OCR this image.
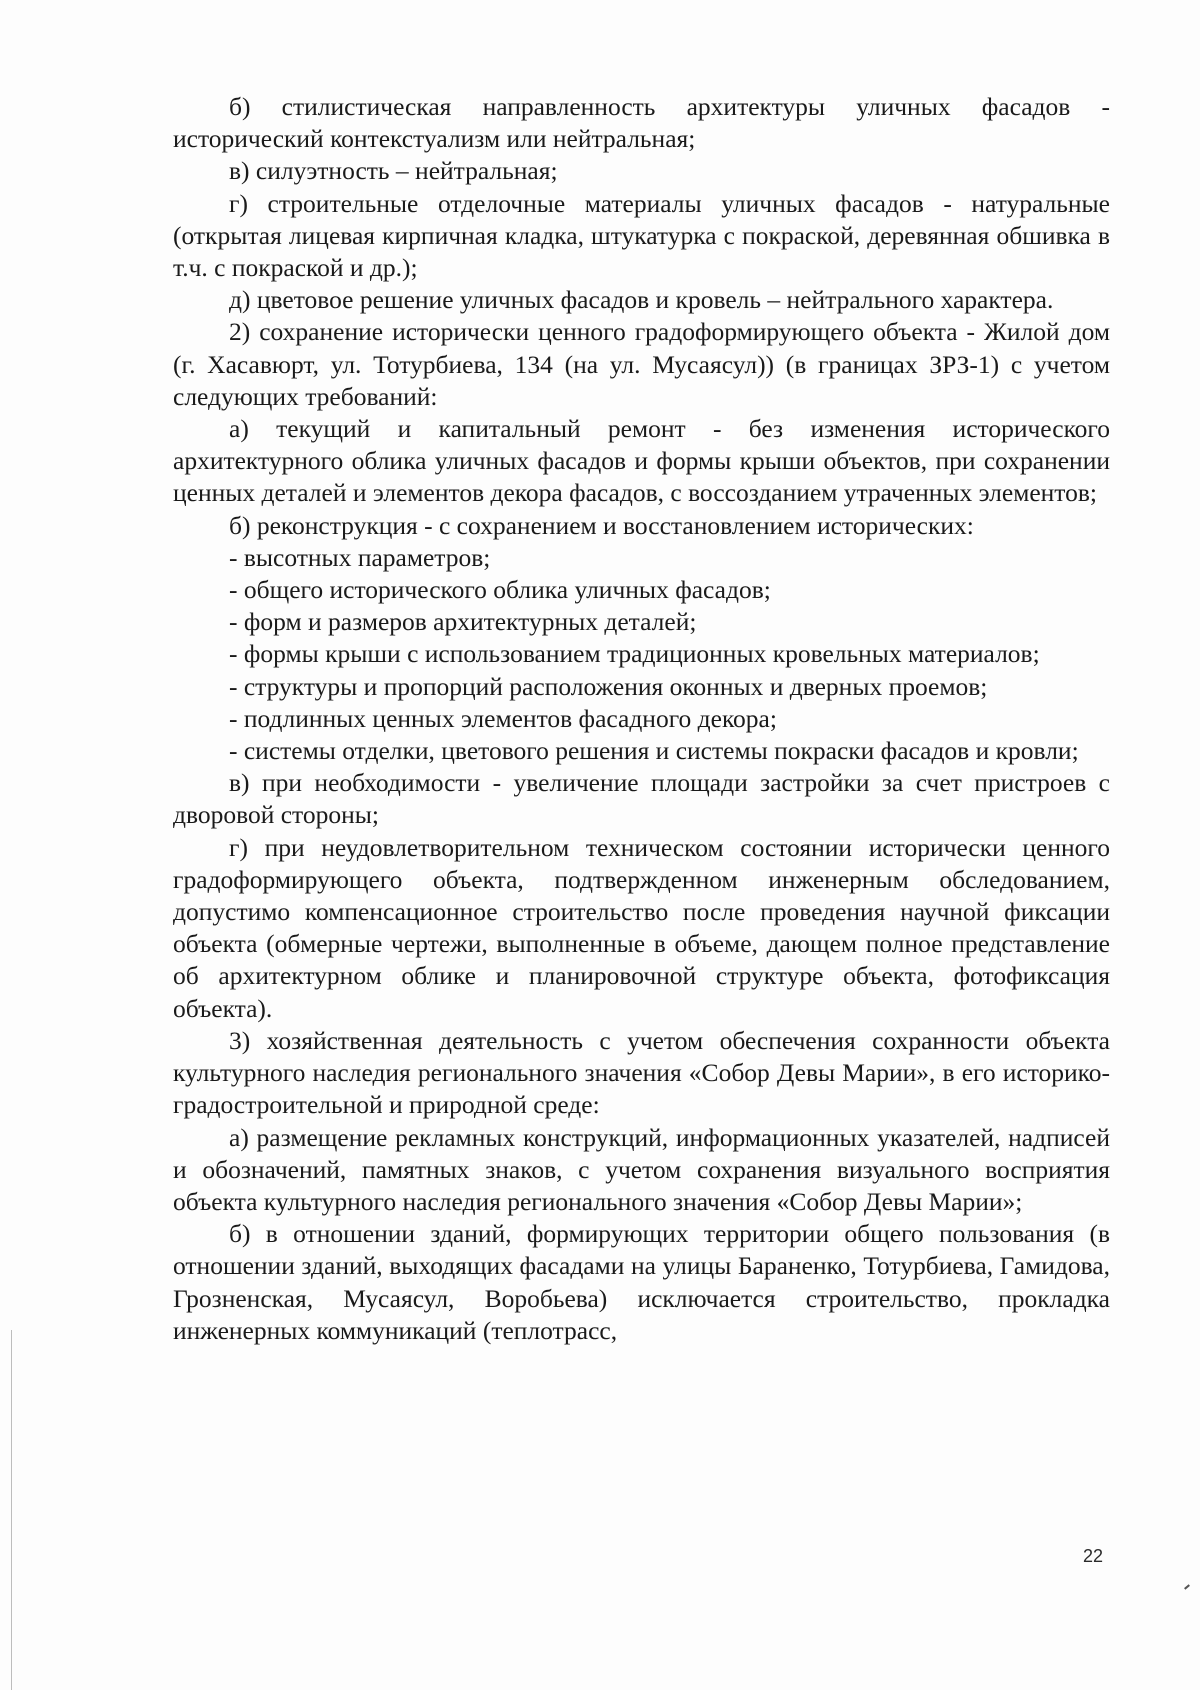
б) стилистическая направленность архитектуры уличных фасадов - исторический контекстуализм или нейтральная;

в) силуэтность – нейтральная;

г) строительные отделочные материалы уличных фасадов - натуральные (открытая лицевая кирпичная кладка, штукатурка с покраской, деревянная обшивка в т.ч. с покраской и др.);

д) цветовое решение уличных фасадов и кровель – нейтрального характера.

2) сохранение исторически ценного градоформирующего объекта - Жилой дом (г. Хасавюрт, ул. Тотурбиева, 134 (на ул. Мусаясул)) (в границах ЗРЗ-1) с учетом следующих требований:

а) текущий и капитальный ремонт - без изменения исторического архитектурного облика уличных фасадов и формы крыши объектов, при сохранении ценных деталей и элементов декора фасадов, с воссозданием утраченных элементов;

б) реконструкция - с сохранением и восстановлением исторических:

- высотных параметров;

- общего исторического облика уличных фасадов;

- форм и размеров архитектурных деталей;

- формы крыши с использованием традиционных кровельных материалов;

- структуры и пропорций расположения оконных и дверных проемов;

- подлинных ценных элементов фасадного декора;

- системы отделки, цветового решения и системы покраски фасадов и кровли;

в) при необходимости - увеличение площади застройки за счет пристроев с дворовой стороны;

г) при неудовлетворительном техническом состоянии исторически ценного градоформирующего объекта, подтвержденном инженерным обследованием, допустимо компенсационное строительство после проведения научной фиксации объекта (обмерные чертежи, выполненные в объеме, дающем полное представление об архитектурном облике и планировочной структуре объекта, фотофиксация объекта).

3) хозяйственная деятельность с учетом обеспечения сохранности объекта культурного наследия регионального значения «Собор Девы Марии», в его историко-градостроительной и природной среде:

а) размещение рекламных конструкций, информационных указателей, надписей и обозначений, памятных знаков, с учетом сохранения визуального восприятия объекта культурного наследия регионального значения «Собор Девы Марии»;

б) в отношении зданий, формирующих территории общего пользования (в отношении зданий, выходящих фасадами на улицы Бараненко, Тотурбиева, Гамидова, Грозненская, Мусаясул, Воробьева) исключается строительство, прокладка инженерных коммуникаций (теплотрасс,

22
